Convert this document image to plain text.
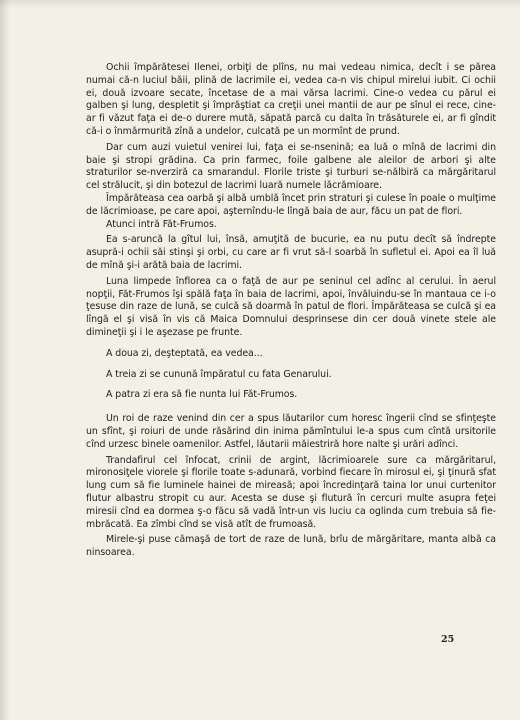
Ochii împărătesei Ilenei, orbiţi de plîns, nu mai vedeau nimica, decît i se părea numai că-n luciul băii, plină de lacrimile ei, vedea ca-n vis chipul mirelui iubit. Ci ochii ei, două izvoare secate, încetase de a mai vărsa lacrimi. Cine-o vedea cu părul ei galben şi lung, despletit şi împrăştiat ca creţii unei mantii de aur pe sînul ei rece, cine-ar fi văzut faţa ei de-o durere mută, săpată parcă cu dalta în trăsăturele ei, ar fi gîndit că-i o înmărmurită zînă a undelor, culcată pe un mormînt de prund.

Dar cum auzi vuietul venirei lui, faţa ei se-nsenină; ea luă o mînă de lacrimi din baie şi stropi grădina. Ca prin farmec, foile galbene ale aleilor de arbori şi alte straturilor se-nverziră ca smarandul. Florile triste şi turburi se-nălbiră ca mărgăritarul cel strălucit, şi din botezul de lacrimi luară numele lăcrămioare.

Împărăteasa cea oarbă şi albă umblă încet prin straturi şi culese în poale o mulţime de lăcrimioase, pe care apoi, aşternîndu-le lîngă baia de aur, făcu un pat de flori.

Atunci intră Făt-Frumos.

Ea s-aruncă la gîtul lui, însă, amuţită de bucurie, ea nu putu decît să îndrepte asupră-i ochii săi stinşi şi orbi, cu care ar fi vrut să-l soarbă în sufletul ei. Apoi ea îl luă de mînă şi-i arătă baia de lacrimi.

Luna limpede înflorea ca o faţă de aur pe seninul cel adînc al cerului. În aerul nopţii, Făt-Frumos îşi spălă faţa în baia de lacrimi, apoi, învăluindu-se în mantaua ce i-o ţesuse din raze de lună, se culcă să doarmă în patul de flori. Împărăteasa se culcă şi ea lîngă el şi visă în vis că Maica Domnului desprinsese din cer două vinete stele ale dimineţii şi i le aşezase pe frunte.

A doua zi, deşteptată, ea vedea...

A treia zi se cunună împăratul cu fata Genarului.

A patra zi era să fie nunta lui Făt-Frumos.

Un roi de raze venind din cer a spus lăutarilor cum horesc îngerii cînd se sfinţeşte un sfînt, şi roiuri de unde răsărind din inima pămîntului le-a spus cum cîntă ursitorile cînd urzesc binele oamenilor. Astfel, lăutarii măiestriră hore nalte şi urări adînci.

Trandafirul cel înfocat, crinii de argint, lăcrimioarele sure ca mărgăritarul, mironosiţele viorele şi florile toate s-adunară, vorbind fiecare în mirosul ei, şi ţinură sfat lung cum să fie luminele hainei de mireasă; apoi încredinţară taina lor unui curtenitor flutur albastru stropit cu aur. Acesta se duse şi flutură în cercuri multe asupra feţei miresii cînd ea dormea ş-o făcu să vadă într-un vis luciu ca oglinda cum trebuia să fie-mbrăcată. Ea zîmbi cînd se visă atît de frumoasă.

Mirele-şi puse cămaşă de tort de raze de lună, brîu de mărgăritare, manta albă ca ninsoarea.

25
